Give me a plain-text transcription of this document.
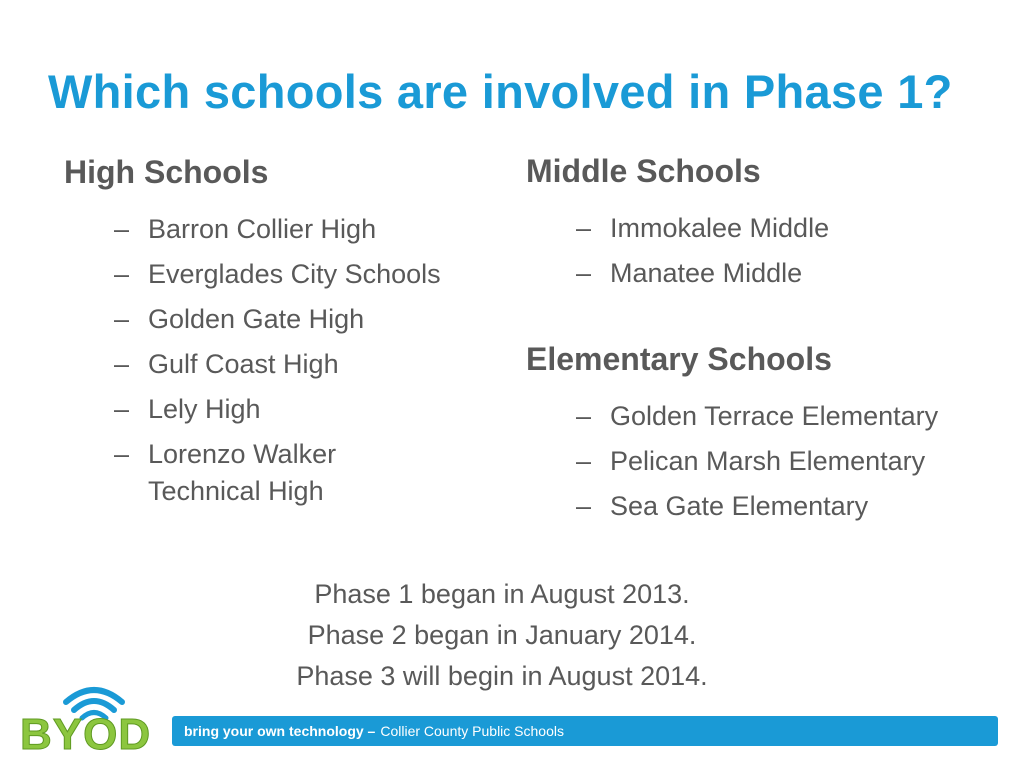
Which schools are involved in Phase 1?
High Schools
– Barron Collier High
– Everglades City Schools
– Golden Gate High
– Gulf Coast High
– Lely High
– Lorenzo Walker Technical High
Middle Schools
– Immokalee Middle
– Manatee Middle
Elementary Schools
– Golden Terrace Elementary
– Pelican Marsh Elementary
– Sea Gate Elementary
Phase 1 began in August 2013.
Phase 2 began in January 2014.
Phase 3 will begin in August 2014.
BYOD bring your own technology – Collier County Public Schools
